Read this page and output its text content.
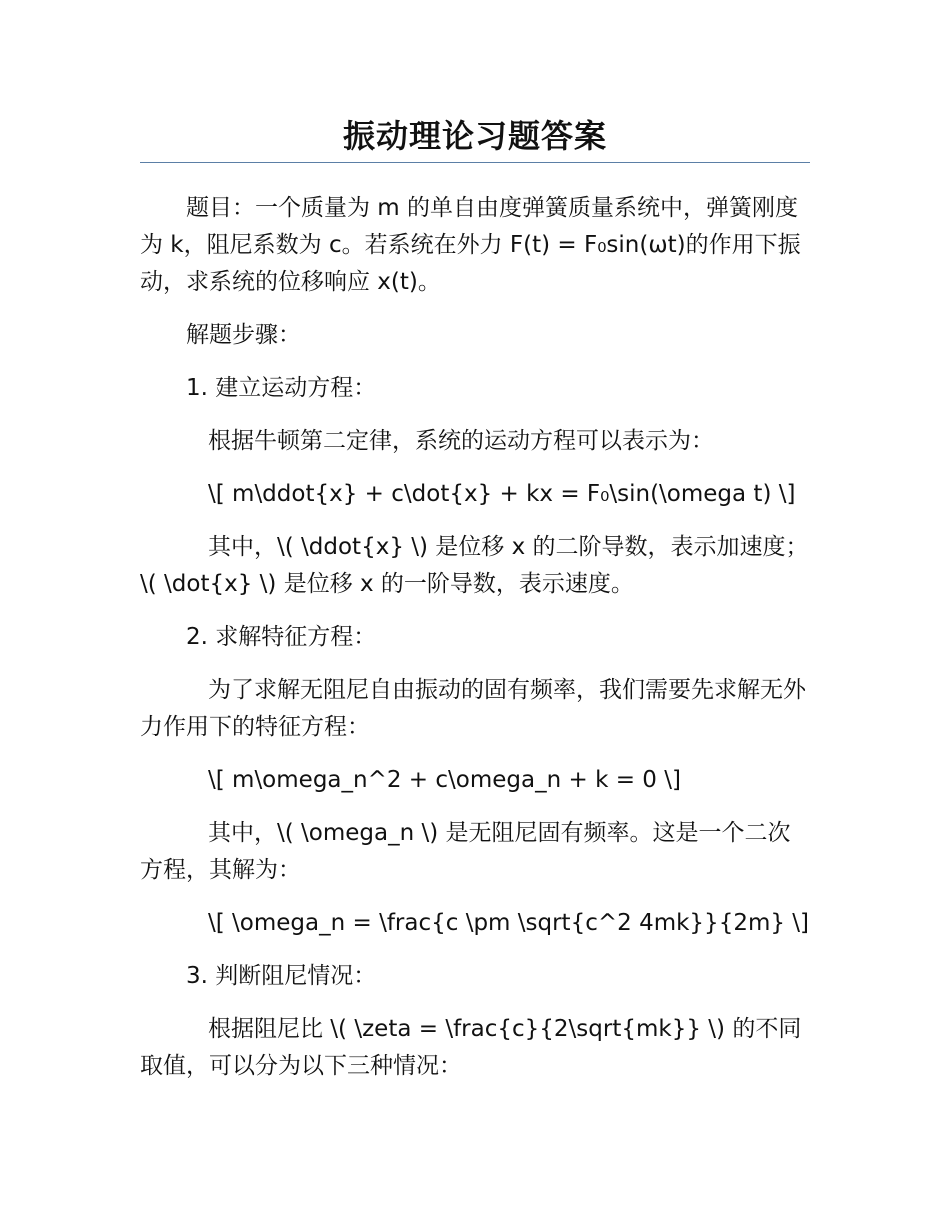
振动理论习题答案

题目：一个质量为 m 的单自由度弹簧质量系统中，弹簧刚度为 k，阻尼系数为 c。若系统在外力 F(t) = F₀sin(ωt)的作用下振动，求系统的位移响应 x(t)。

解题步骤：

1. 建立运动方程：

根据牛顿第二定律，系统的运动方程可以表示为：

\[ m\ddot{x} + c\dot{x} + kx = F₀\sin(\omega t) \]

其中，\( \ddot{x} \) 是位移 x 的二阶导数，表示加速度；\( \dot{x} \) 是位移 x 的一阶导数，表示速度。

2. 求解特征方程：

为了求解无阻尼自由振动的固有频率，我们需要先求解无外力作用下的特征方程：

\[ m\omega_n^2 + c\omega_n + k = 0 \]

其中，\( \omega_n \) 是无阻尼固有频率。这是一个二次方程，其解为：

\[ \omega_n = \frac{c \pm \sqrt{c^2 4mk}}{2m} \]

3. 判断阻尼情况：

根据阻尼比 \( \zeta = \frac{c}{2\sqrt{mk}} \) 的不同取值，可以分为以下三种情况：
